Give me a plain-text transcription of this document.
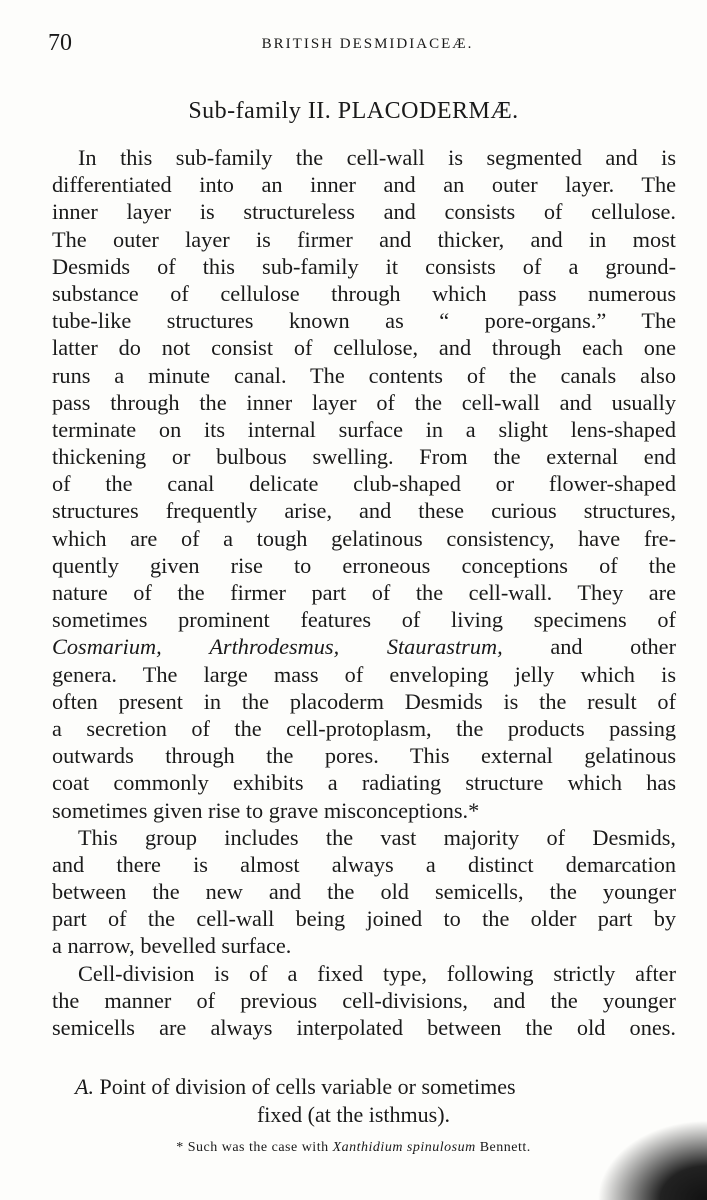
70	BRITISH DESMIDIACEÆ.
Sub-family II. PLACODERMÆ.
In this sub-family the cell-wall is segmented and is
differentiated into an inner and an outer layer. The
inner layer is structureless and consists of cellulose.
The outer layer is firmer and thicker, and in most
Desmids of this sub-family it consists of a ground-
substance of cellulose through which pass numerous
tube-like structures known as “ pore-organs.” The
latter do not consist of cellulose, and through each one
runs a minute canal. The contents of the canals also
pass through the inner layer of the cell-wall and usually
terminate on its internal surface in a slight lens-shaped
thickening or bulbous swelling. From the external end
of the canal delicate club-shaped or flower-shaped
structures frequently arise, and these curious structures,
which are of a tough gelatinous consistency, have fre-
quently given rise to erroneous conceptions of the
nature of the firmer part of the cell-wall. They are
sometimes prominent features of living specimens of
Cosmarium, Arthrodesmus, Staurastrum, and other
genera. The large mass of enveloping jelly which is
often present in the placoderm Desmids is the result of
a secretion of the cell-protoplasm, the products passing
outwards through the pores. This external gelatinous
coat commonly exhibits a radiating structure which has
sometimes given rise to grave misconceptions.*
This group includes the vast majority of Desmids,
and there is almost always a distinct demarcation
between the new and the old semicells, the younger
part of the cell-wall being joined to the older part by
a narrow, bevelled surface.
Cell-division is of a fixed type, following strictly after
the manner of previous cell-divisions, and the younger
semicells are always interpolated between the old ones.
A. Point of division of cells variable or sometimes
fixed (at the isthmus).
* Such was the case with Xanthidium spinulosum Bennett.
